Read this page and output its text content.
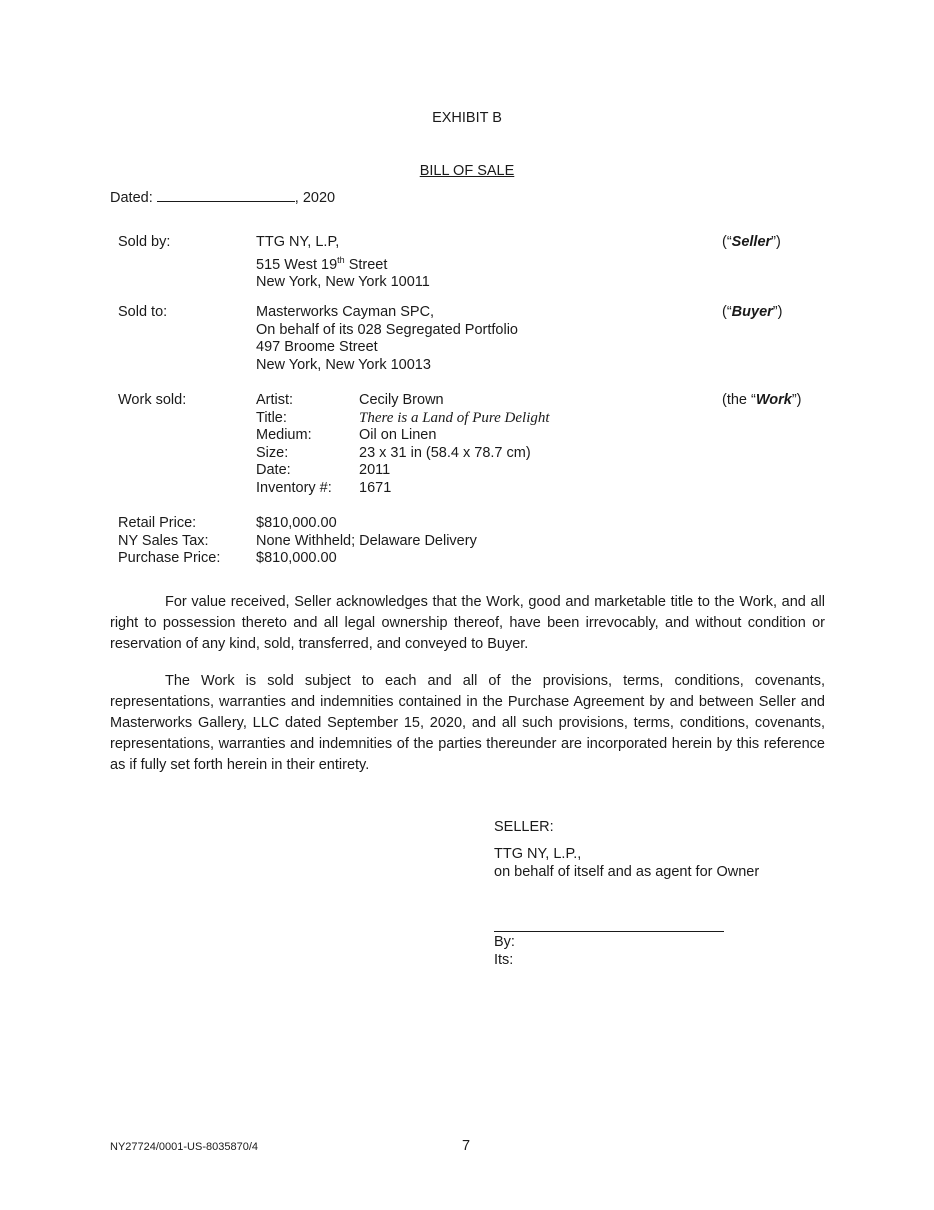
EXHIBIT B
BILL OF SALE
Dated:	, 2020
Sold by:	TTG NY, L.P,
515 West 19th Street
New York, New York 10011
(“Seller”)
Sold to:	Masterworks Cayman SPC,
On behalf of its 028 Segregated Portfolio
497 Broome Street
New York, New York 10013
(“Buyer”)
Work sold:	Artist:	Cecily Brown
Title:	There is a Land of Pure Delight
Medium:	Oil on Linen
Size:	23 x 31 in (58.4 x 78.7 cm)
Date:	2011
Inventory #: 1671
(the “Work”)
Retail Price:	$810,000.00
NY Sales Tax:	None Withheld; Delaware Delivery
Purchase Price: $810,000.00
For value received, Seller acknowledges that the Work, good and marketable title to the Work, and all right to possession thereto and all legal ownership thereof, have been irrevocably, and without condition or reservation of any kind, sold, transferred, and conveyed to Buyer.
The Work is sold subject to each and all of the provisions, terms, conditions, covenants, representations, warranties and indemnities contained in the Purchase Agreement by and between Seller and Masterworks Gallery, LLC dated September 15, 2020, and all such provisions, terms, conditions, covenants, representations, warranties and indemnities of the parties thereunder are incorporated herein by this reference as if fully set forth herein in their entirety.
SELLER:
TTG NY, L.P.,
on behalf of itself and as agent for Owner
By:
Its:
NY27724/0001-US-8035870/4	7
